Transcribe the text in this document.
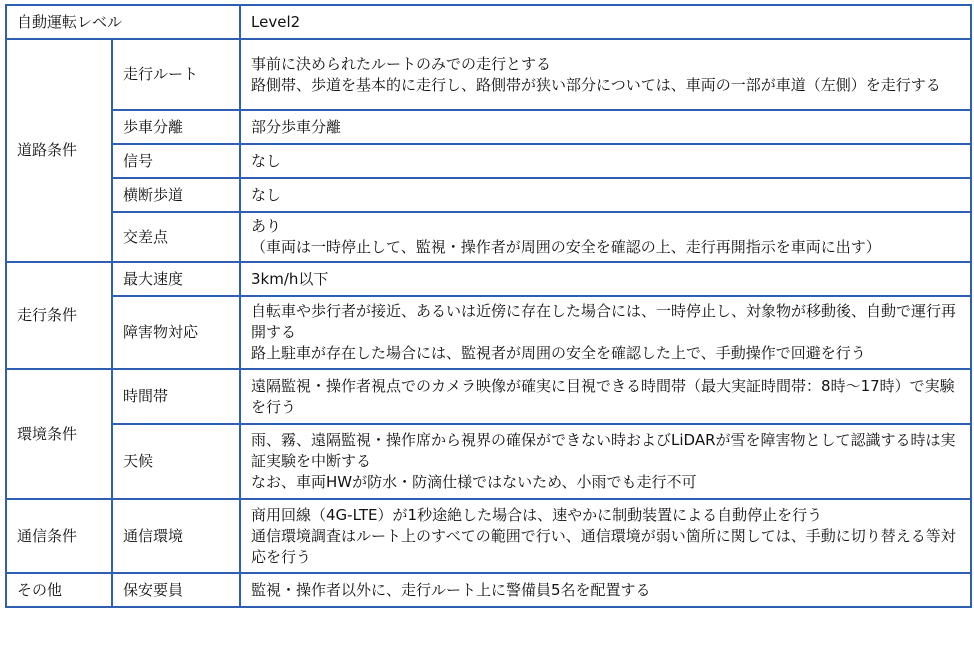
自動運転レベル		Level2
道路条件	走行ルート	事前に決められたルートのみでの走行とする
路側帯、歩道を基本的に走行し、路側帯が狭い部分については、車両の一部が車道（左側）を走行する
	歩車分離	部分歩車分離
	信号	なし
	横断歩道	なし
	交差点	あり
（車両は一時停止して、監視・操作者が周囲の安全を確認の上、走行再開指示を車両に出す）
走行条件	最大速度	3km/h以下
	障害物対応	自転車や歩行者が接近、あるいは近傍に存在した場合には、一時停止し、対象物が移動後、自動で運行再開する
路上駐車が存在した場合には、監視者が周囲の安全を確認した上で、手動操作で回避を行う
環境条件	時間帯	遠隔監視・操作者視点でのカメラ映像が確実に目視できる時間帯（最大実証時間帯：8時～17時）で実験を行う
	天候	雨、霧、遠隔監視・操作席から視界の確保ができない時およびLiDARが雪を障害物として認識する時は実証実験を中断する
なお、車両HWが防水・防滴仕様ではないため、小雨でも走行不可
通信条件	通信環境	商用回線（4G-LTE）が1秒途絶した場合は、速やかに制動装置による自動停止を行う
通信環境調査はルート上のすべての範囲で行い、通信環境が弱い箇所に関しては、手動に切り替える等対応を行う
その他	保安要員	監視・操作者以外に、走行ルート上に警備員5名を配置する
